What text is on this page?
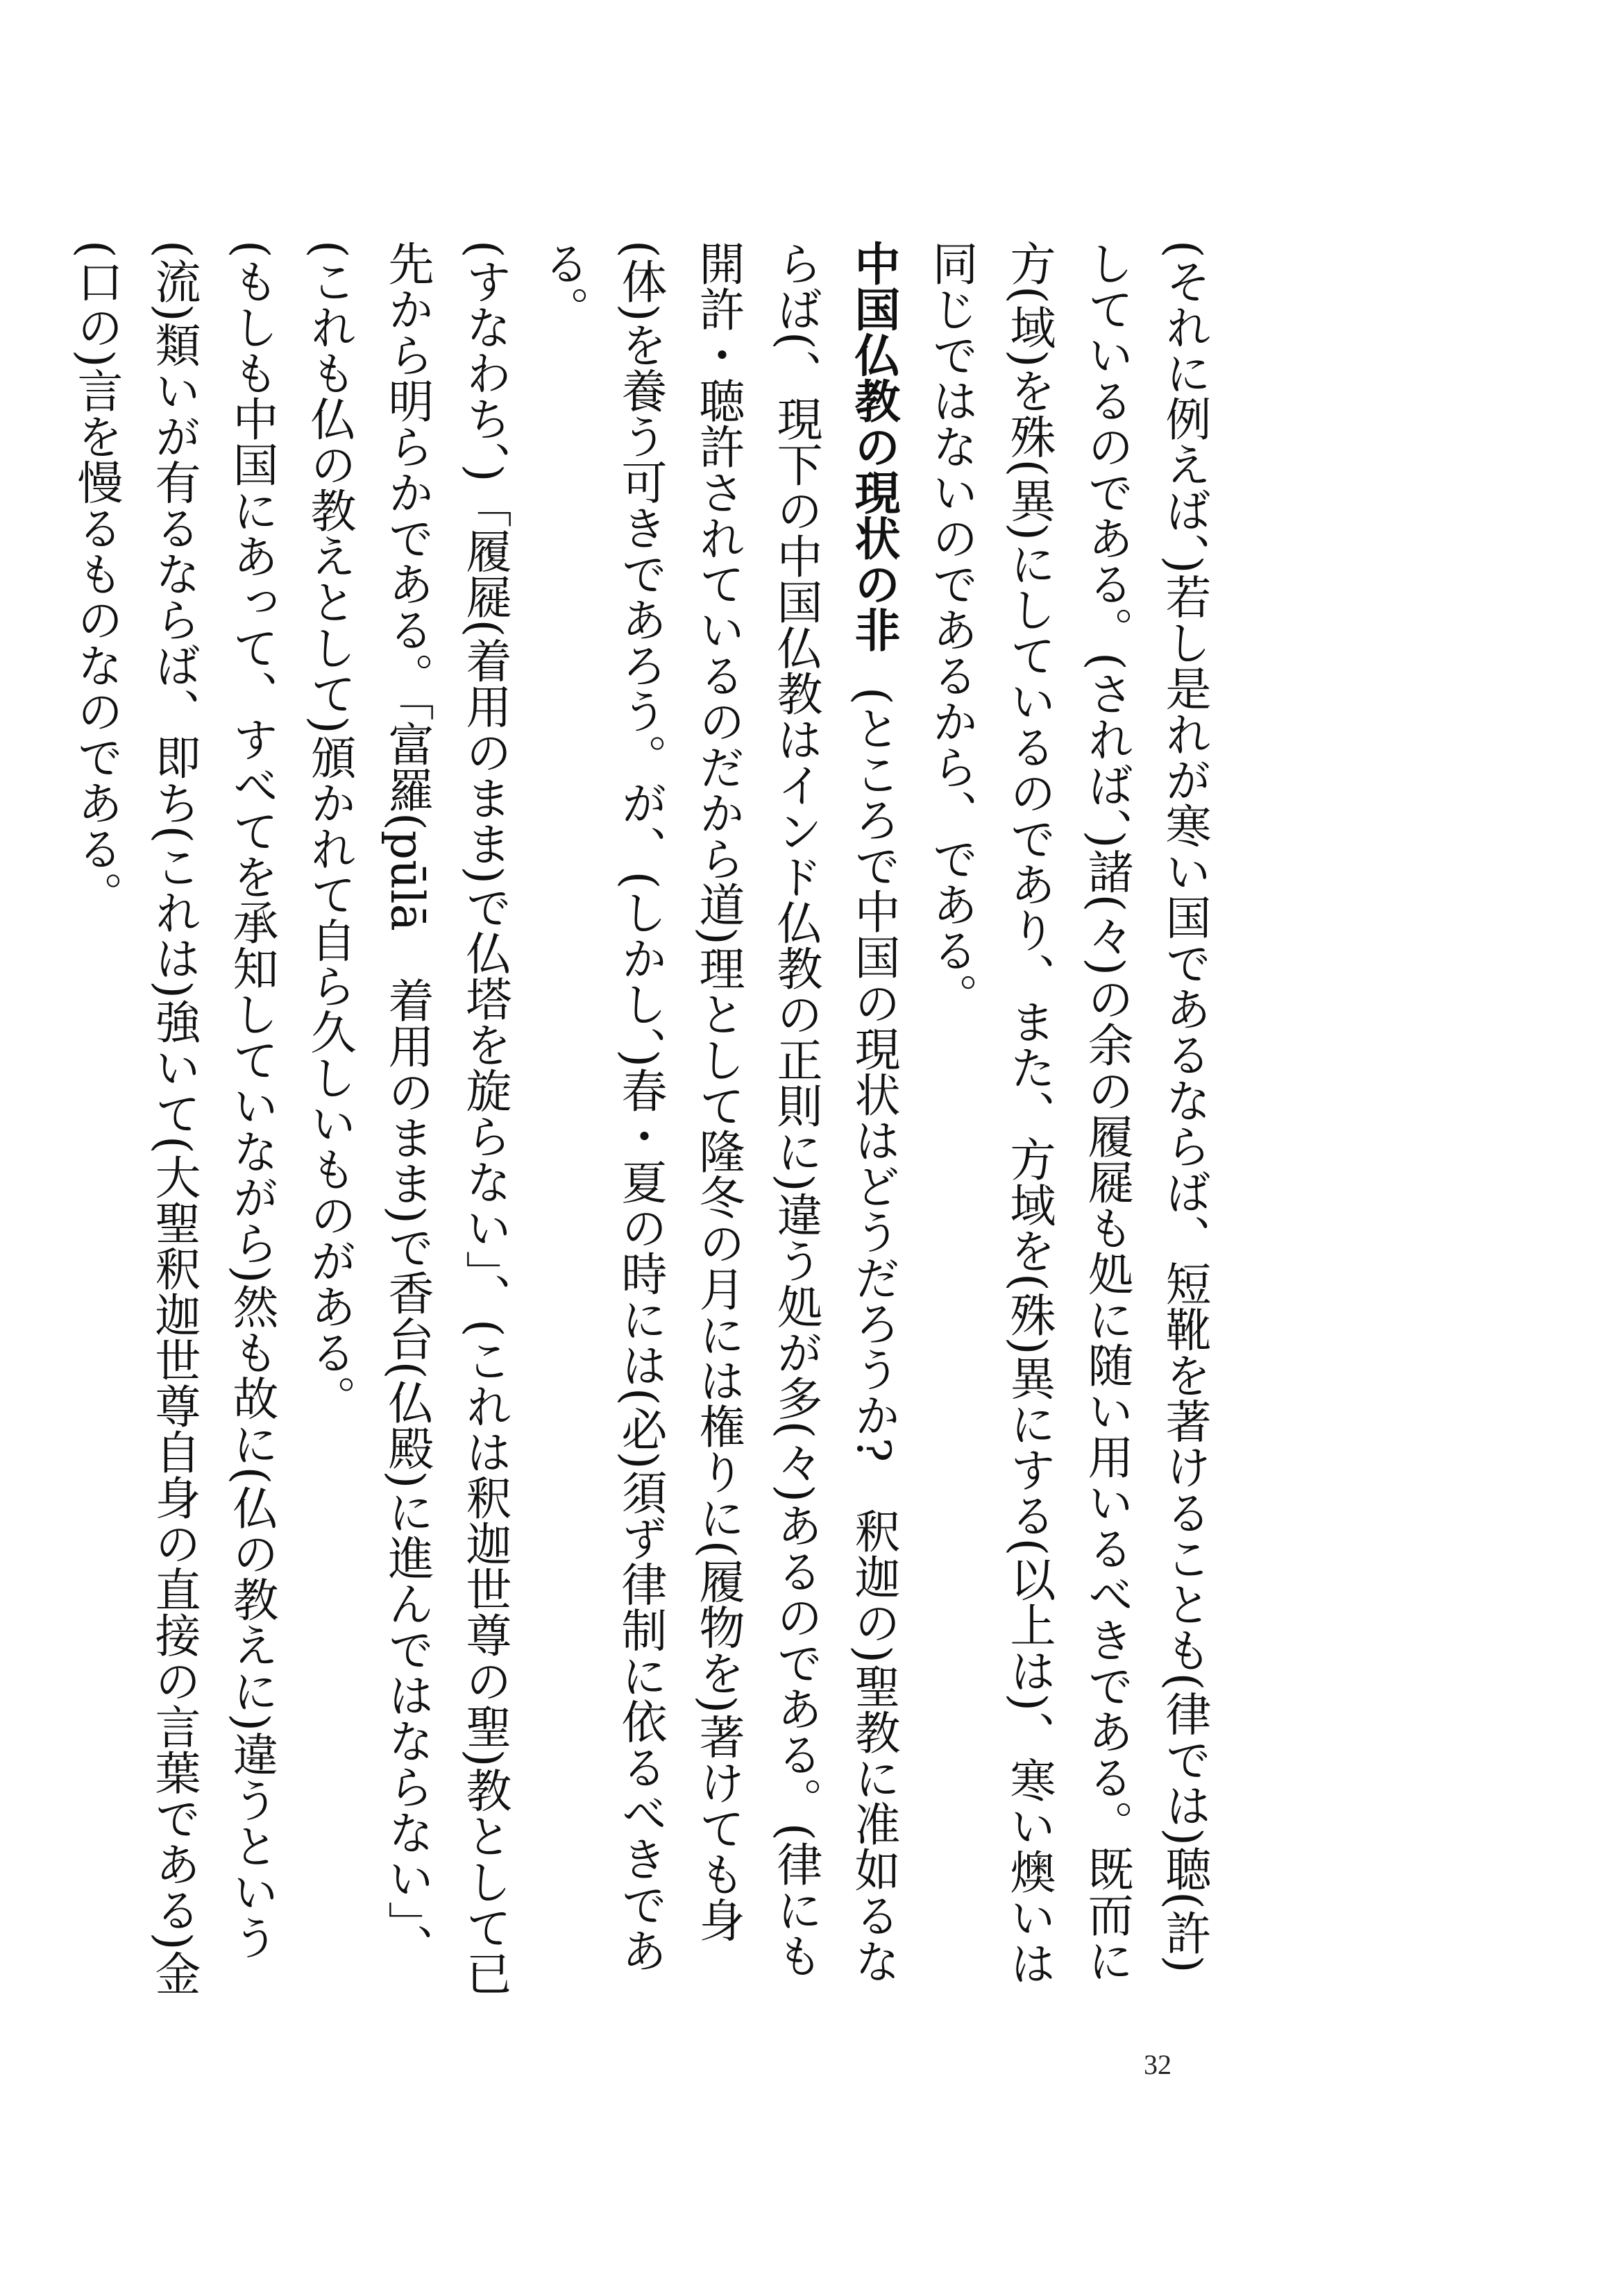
(それに例えば、)若し是れが寒い国であるならば、短靴を著けることも(律では)聴(許)しているのである。(されば、)諸(々)の余の履屣も処に随い用いるべきである。既而に方(域)を殊(異)にしているのであり、また、方域を(殊)異にする(以上は)、寒い燠いは同じではないのであるから、である。

中国仏教の現状の非(ところで中国の現状はどうだろうか?　釈迦の)聖教に准如るならば(、現下の中国仏教はインド仏教の正則に)違う処が多(々)あるのである。(律にも開許・聴許されているのだから道)理として隆冬の月には権りに(履物を)著けても身(体)を養う可きであろう。が、(しかし、)春・夏の時には(必)須ず律制に依るべきである。

(すなわち、)「履屣(着用のまま)で仏塔を旋らない」、(これは釈迦世尊の聖)教として已先から明らかである。「富羅(pūlā　着用のまま)で香台(仏殿)に進んではならない」、(これも仏の教えとして)頒かれて自ら久しいものがある。

(もしも中国にあって、すべてを承知していながら)然も故に(仏の教えに)違うという(流)類いが有るならば、即ち(これは)強いて(大聖釈迦世尊自身の直接の言葉である)金(口の)言を慢るものなのである。

32
